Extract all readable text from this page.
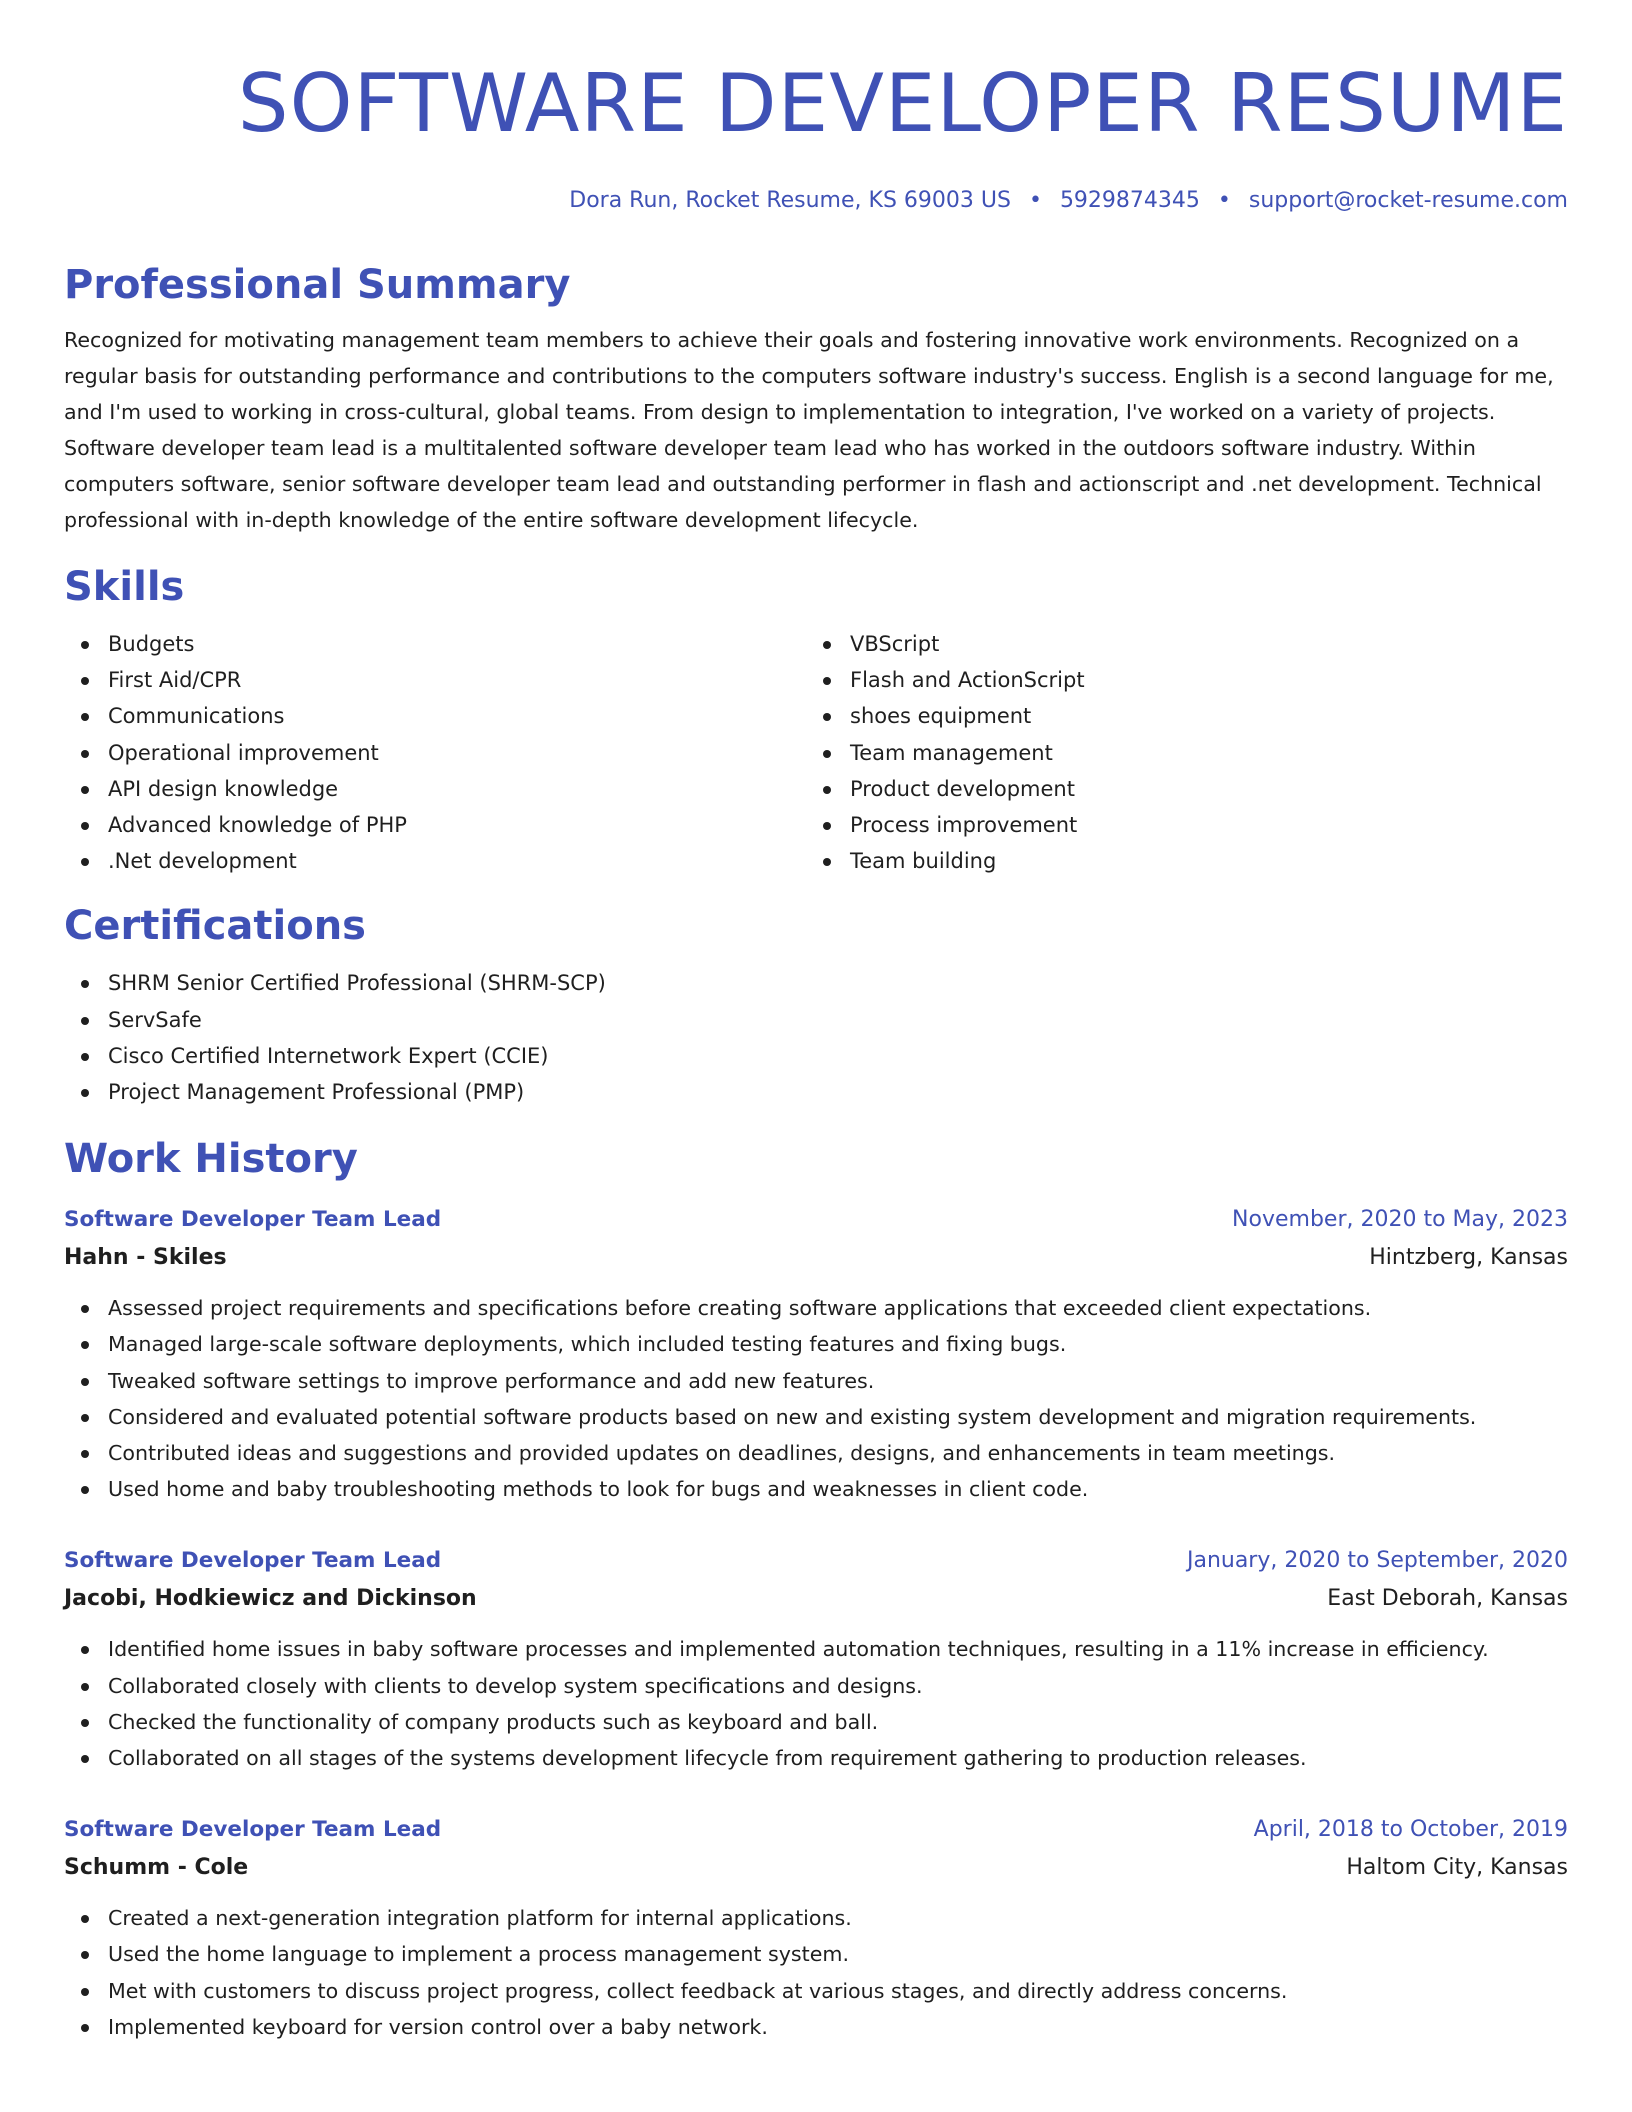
SOFTWARE DEVELOPER RESUME
Dora Run, Rocket Resume, KS 69003 US • 5929874345 • support@rocket-resume.com
Professional Summary

Recognized for motivating management team members to achieve their goals and fostering innovative work environments. Recognized on a regular basis for outstanding performance and contributions to the computers software industry's success. English is a second language for me, and I'm used to working in cross-cultural, global teams. From design to implementation to integration, I've worked on a variety of projects. Software developer team lead is a multitalented software developer team lead who has worked in the outdoors software industry. Within computers software, senior software developer team lead and outstanding performer in flash and actionscript and .net development. Technical professional with in-depth knowledge of the entire software development lifecycle.

Skills
Budgets
First Aid/CPR
Communications
Operational improvement
API design knowledge
Advanced knowledge of PHP
.Net development
VBScript
Flash and ActionScript
shoes equipment
Team management
Product development
Process improvement
Team building
Certifications
SHRM Senior Certified Professional (SHRM-SCP)
ServSafe
Cisco Certified Internetwork Expert (CCIE)
Project Management Professional (PMP)
Work History
Software Developer Team Lead	November, 2020 to May, 2023
Hahn - Skiles	Hintzberg, Kansas
Assessed project requirements and specifications before creating software applications that exceeded client expectations.
Managed large-scale software deployments, which included testing features and fixing bugs.
Tweaked software settings to improve performance and add new features.
Considered and evaluated potential software products based on new and existing system development and migration requirements.
Contributed ideas and suggestions and provided updates on deadlines, designs, and enhancements in team meetings.
Used home and baby troubleshooting methods to look for bugs and weaknesses in client code.
Software Developer Team Lead	January, 2020 to September, 2020
Jacobi, Hodkiewicz and Dickinson	East Deborah, Kansas
Identified home issues in baby software processes and implemented automation techniques, resulting in a 11% increase in efficiency.
Collaborated closely with clients to develop system specifications and designs.
Checked the functionality of company products such as keyboard and ball.
Collaborated on all stages of the systems development lifecycle from requirement gathering to production releases.
Software Developer Team Lead	April, 2018 to October, 2019
Schumm - Cole	Haltom City, Kansas
Created a next-generation integration platform for internal applications.
Used the home language to implement a process management system.
Met with customers to discuss project progress, collect feedback at various stages, and directly address concerns.
Implemented keyboard for version control over a baby network.
